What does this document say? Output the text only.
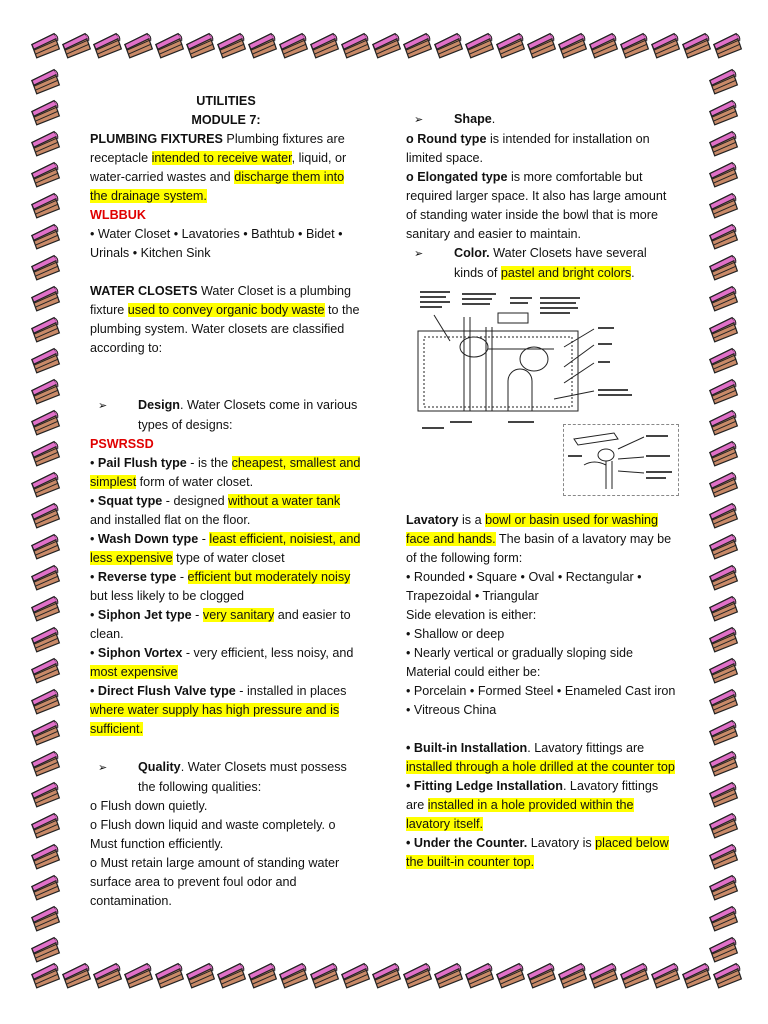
UTILITIES
MODULE 7:
PLUMBING FIXTURES Plumbing fixtures are receptacle intended to receive water, liquid, or water-carried wastes and discharge them into the drainage system.
WLBBUK
• Water Closet • Lavatories • Bathtub • Bidet • Urinals • Kitchen Sink
WATER CLOSETS Water Closet is a plumbing fixture used to convey organic body waste to the plumbing system. Water closets are classified according to:
➢ Design. Water Closets come in various types of designs:
PSWRSSD
• Pail Flush type - is the cheapest, smallest and simplest form of water closet.
• Squat type - designed without a water tank and installed flat on the floor.
• Wash Down type - least efficient, noisiest, and less expensive type of water closet
• Reverse type - efficient but moderately noisy but less likely to be clogged
• Siphon Jet type - very sanitary and easier to clean.
• Siphon Vortex - very efficient, less noisy, and most expensive
• Direct Flush Valve type - installed in places where water supply has high pressure and is sufficient.
➢ Quality. Water Closets must possess the following qualities:
o Flush down quietly.
o Flush down liquid and waste completely. o Must function efficiently.
o Must retain large amount of standing water surface area to prevent foul odor and contamination.
➢ Shape.
o Round type is intended for installation on limited space.
o Elongated type is more comfortable but required larger space. It also has large amount of standing water inside the bowl that is more sanitary and easier to maintain.
➢ Color. Water Closets have several kinds of pastel and bright colors.
Lavatory is a bowl or basin used for washing face and hands. The basin of a lavatory may be of the following form:
• Rounded • Square • Oval • Rectangular • Trapezoidal • Triangular
Side elevation is either:
• Shallow or deep
• Nearly vertical or gradually sloping side
Material could either be:
• Porcelain • Formed Steel • Enameled Cast iron
• Vitreous China
• Built-in Installation. Lavatory fittings are installed through a hole drilled at the counter top
• Fitting Ledge Installation. Lavatory fittings are installed in a hole provided within the lavatory itself.
• Under the Counter. Lavatory is placed below the built-in counter top.
